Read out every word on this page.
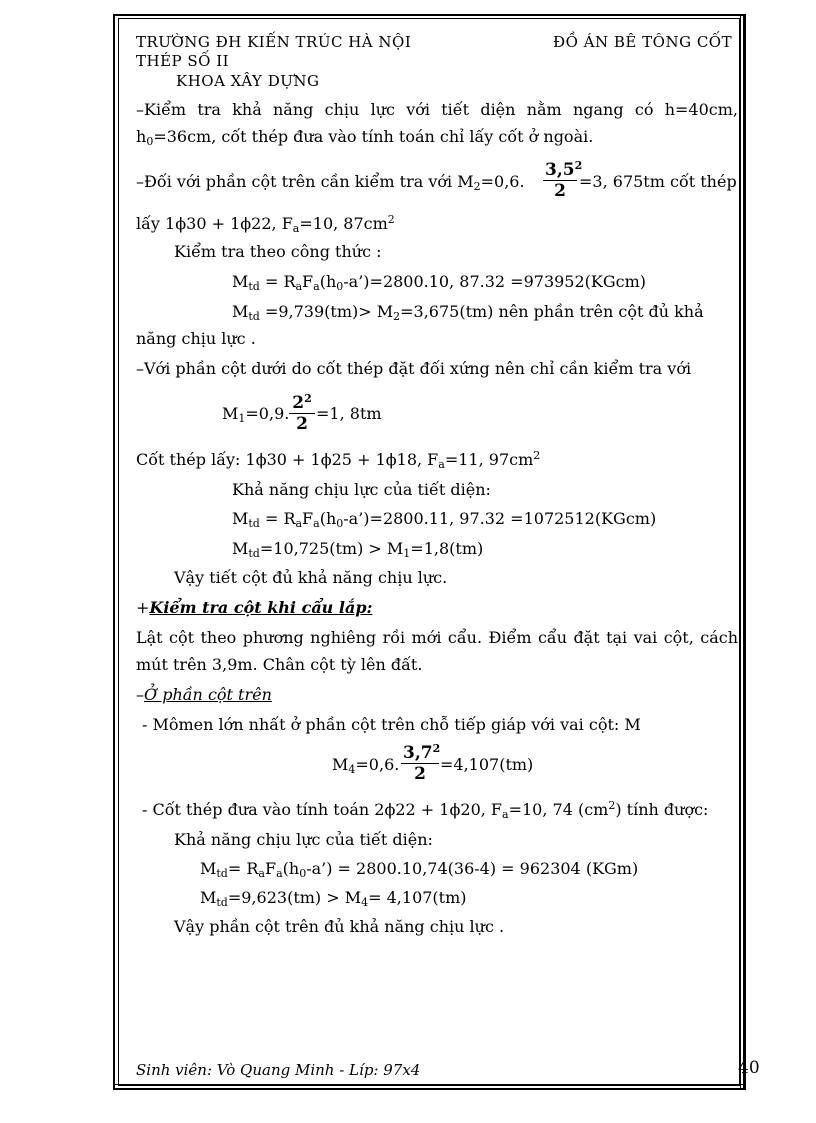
TRƯỜNG ĐH KIẾN TRÚC HÀ NỘI	ĐỒ ÁN BÊ TÔNG CỐT
THÉP SỐ II
KHOA XÂY DỰNG
–Kiểm tra khả năng chịu lực với tiết diện nằm ngang có h=40cm,
$h_0=36cm$, cốt thép đưa vào tính toán chỉ lấy cốt ở ngoài.
–Đối với phần cột trên cần kiểm tra với $M_2=0,6$. $\frac{3,5^2}{2} =3$, 675tm cốt thép
lấy 1ϕ30 + 1ϕ22, $F_a=10$, $87cm^2$
Kiểm tra theo công thức :
$M_{td}$ = $R_aF_a(h_0-a’)=2800.10$, 87.32 =973952(KGcm)
$M_{td} =9,739(tm)> M_2=3,675(tm)$ nên phần trên cột đủ khả
năng chịu lực .
–Với phần cột dưới do cốt thép đặt đối xứng nên chỉ cần kiểm tra với
$M_1=0,9$. $\frac{2^2}{2} =1$, 8tm
Cốt thép lấy: 1ϕ30 + 1ϕ25 + 1ϕ18, $F_a=11$, $97cm^2$
Khả năng chịu lực của tiết diện:
$M_{td}$ = $R_aF_a(h_0-a’)=2800.11$, 97.32 =1072512(KGcm)
$M_{td}=10,725(tm) > M_1=1,8(tm)$
Vậy tiết cột đủ khả năng chịu lực.
+Kiểm tra cột khi cẩu lắp:
Lật cột theo phương nghiêng rồi mới cẩu. Điểm cẩu đặt tại vai cột, cách
mút trên 3,9m. Chân cột tỳ lên đất.
–Ở phần cột trên
- Mômen lớn nhất ở phần cột trên chỗ tiếp giáp với vai cột: M
$M_4=0,6$. $\frac{3,7^2}{2} =4,107(tm)$
- Cốt thép đưa vào tính toán 2ϕ22 + 1ϕ20, $F_a=10$, 74 $(cm^2)$ tính được:
Khả năng chịu lực của tiết diện:
$M_{td}=$ $R_aF_a(h_0-a’) = 2800.10,74(36-4) = 962304$ (KGm)
$M_{td}=9,623(tm) > M_4= 4,107(tm)$
Vậy phần cột trên đủ khả năng chịu lực .
Sinh viên: Vò Quang Minh - Líp: 97x4	40
